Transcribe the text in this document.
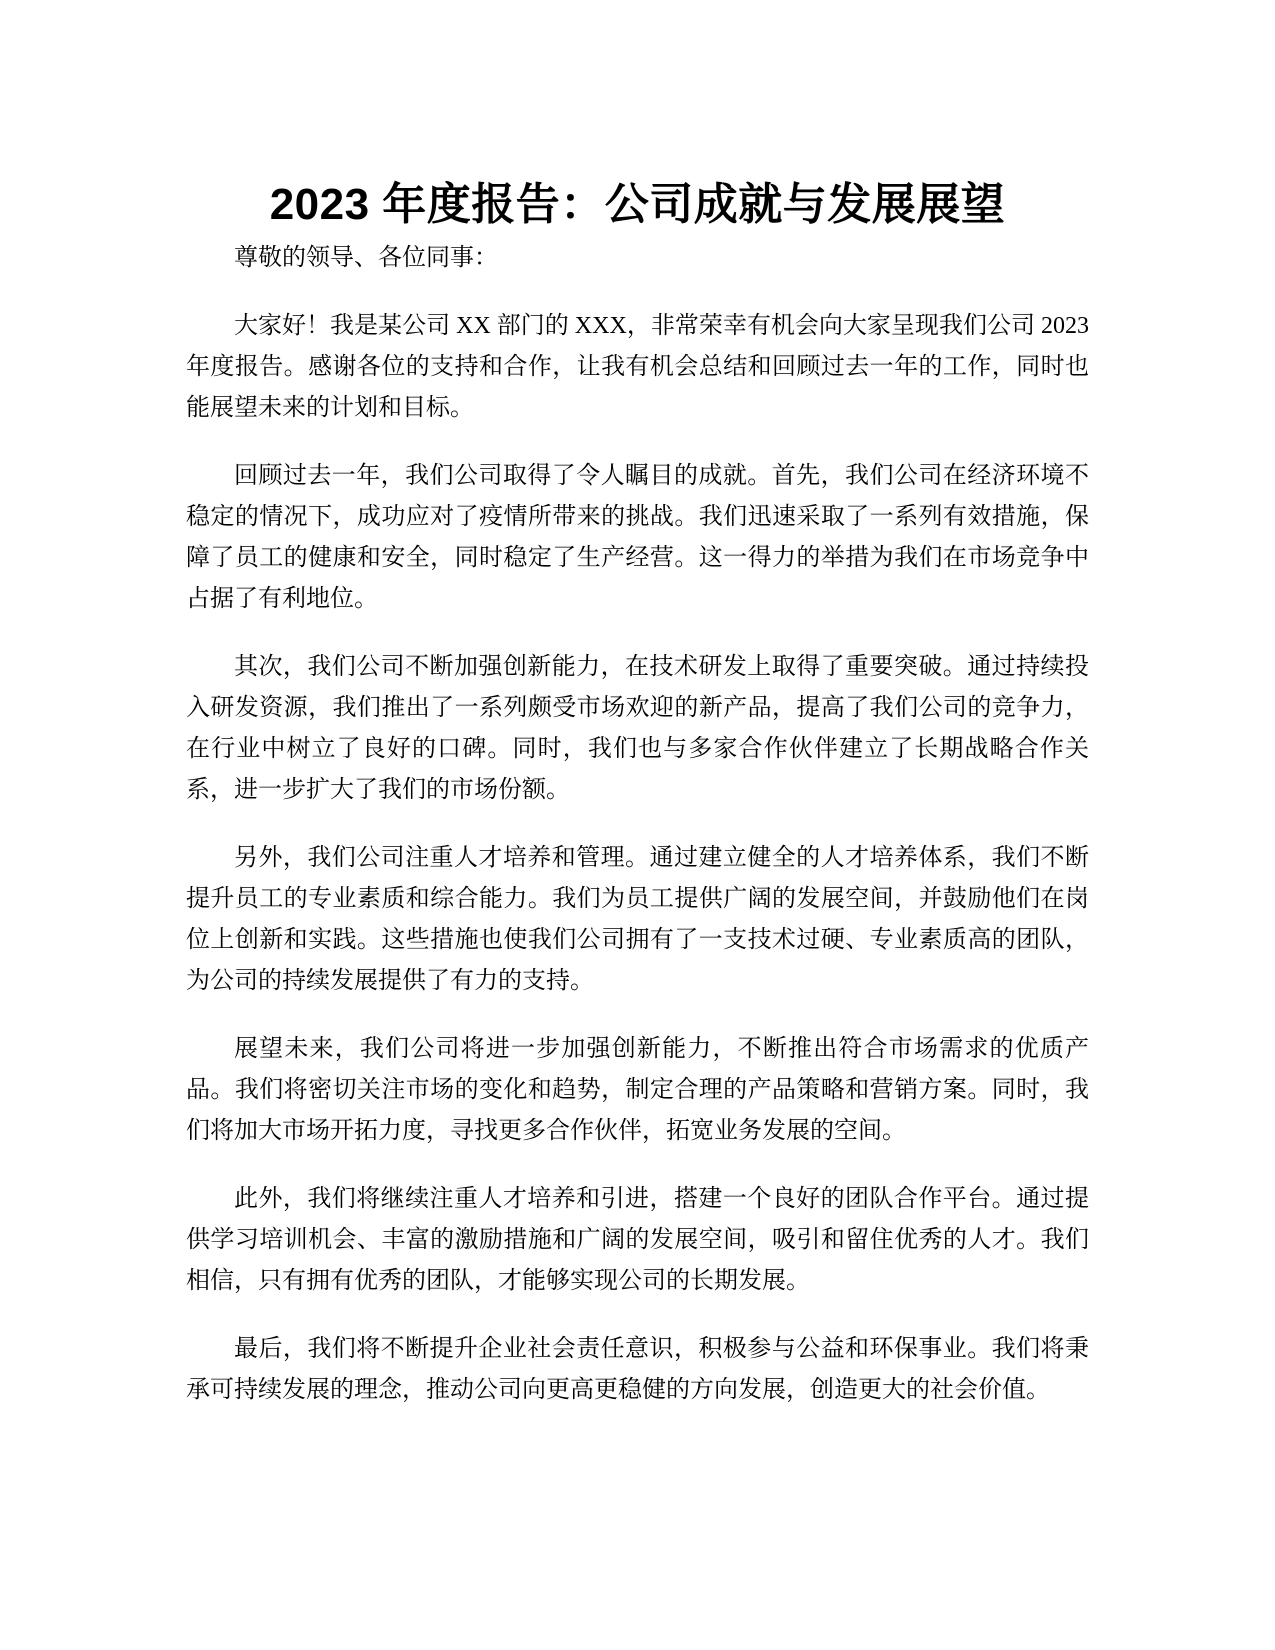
2023 年度报告：公司成就与发展展望

尊敬的领导、各位同事：

大家好！我是某公司 XX 部门的 XXX，非常荣幸有机会向大家呈现我们公司 2023 年度报告。感谢各位的支持和合作，让我有机会总结和回顾过去一年的工作，同时也能展望未来的计划和目标。

回顾过去一年，我们公司取得了令人瞩目的成就。首先，我们公司在经济环境不稳定的情况下，成功应对了疫情所带来的挑战。我们迅速采取了一系列有效措施，保障了员工的健康和安全，同时稳定了生产经营。这一得力的举措为我们在市场竞争中占据了有利地位。

其次，我们公司不断加强创新能力，在技术研发上取得了重要突破。通过持续投入研发资源，我们推出了一系列颇受市场欢迎的新产品，提高了我们公司的竞争力，在行业中树立了良好的口碑。同时，我们也与多家合作伙伴建立了长期战略合作关系，进一步扩大了我们的市场份额。

另外，我们公司注重人才培养和管理。通过建立健全的人才培养体系，我们不断提升员工的专业素质和综合能力。我们为员工提供广阔的发展空间，并鼓励他们在岗位上创新和实践。这些措施也使我们公司拥有了一支技术过硬、专业素质高的团队，为公司的持续发展提供了有力的支持。

展望未来，我们公司将进一步加强创新能力，不断推出符合市场需求的优质产品。我们将密切关注市场的变化和趋势，制定合理的产品策略和营销方案。同时，我们将加大市场开拓力度，寻找更多合作伙伴，拓宽业务发展的空间。

此外，我们将继续注重人才培养和引进，搭建一个良好的团队合作平台。通过提供学习培训机会、丰富的激励措施和广阔的发展空间，吸引和留住优秀的人才。我们相信，只有拥有优秀的团队，才能够实现公司的长期发展。

最后，我们将不断提升企业社会责任意识，积极参与公益和环保事业。我们将秉承可持续发展的理念，推动公司向更高更稳健的方向发展，创造更大的社会价值。
